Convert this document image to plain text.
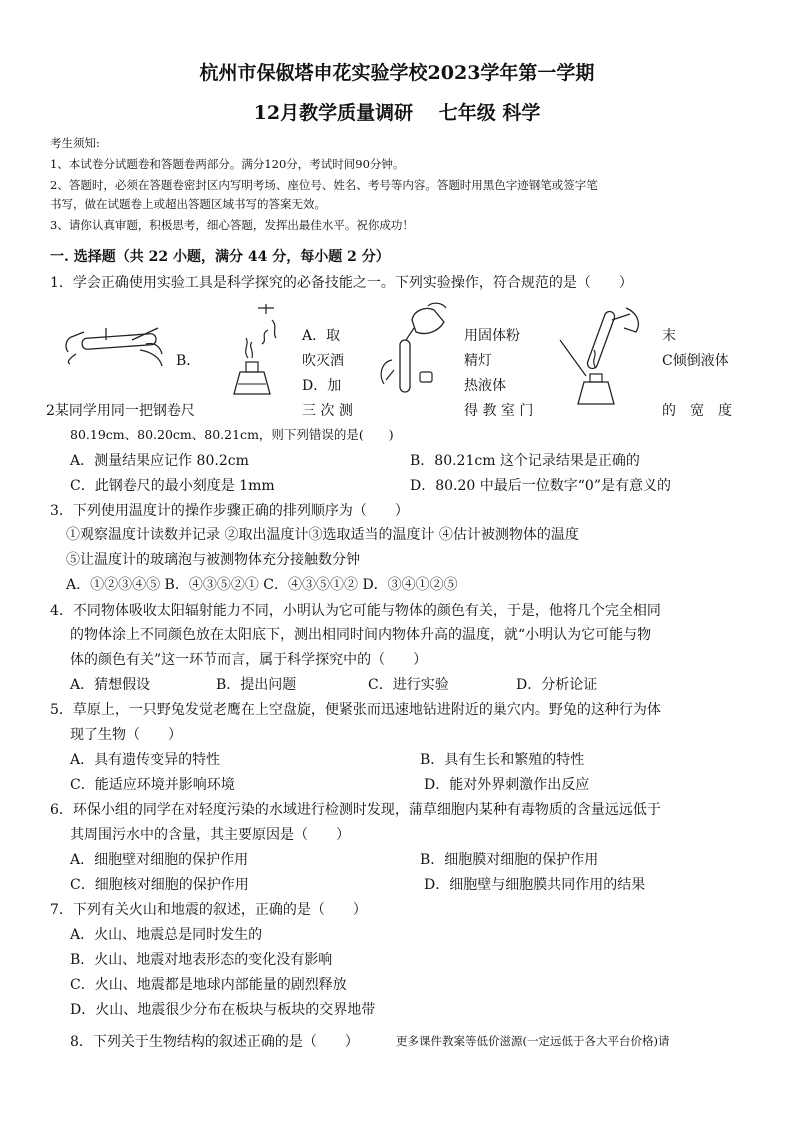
杭州市保俶塔申花实验学校2023学年第一学期
12月教学质量调研　 七年级 科学
考生须知:
1、本试卷分试题卷和答题卷两部分。满分120分，考试时间90分钟。
2、答题时，必须在答题卷密封区内写明考场、座位号、姓名、考号等内容。答题时用黑色字迹钢笔或签字笔
书写，做在试题卷上或超出答题区域书写的答案无效。
3、请你认真审题，积极思考，细心答题，发挥出最佳水平。祝你成功！
一. 选择题（共 22 小题，满分 44 分，每小题 2 分）
1．学会正确使用实验工具是科学探究的必备技能之一。下列实验操作，符合规范的是（　　）
B．
A．取
吹灭酒
D．加
用固体粉
精灯
热液体
末
C倾倒液体
2某同学用同一把钢卷尺	三 次 测	得 教 室 门	的　宽　度
80.19cm、80.20cm、80.21cm，则下列错误的是(　　)
A．测量结果应记作 80.2cm	B．80.21cm 这个记录结果是正确的
C．此钢卷尺的最小刻度是 1mm	D．80.20 中最后一位数字“0”是有意义的
3．下列使用温度计的操作步骤正确的排列顺序为（　　）
①观察温度计读数并记录 ②取出温度计③选取适当的温度计 ④估计被测物体的温度
⑤让温度计的玻璃泡与被测物体充分接触数分钟
A．①②③④⑤ B．④③⑤②① C．④③⑤①② D．③④①②⑤
4．不同物体吸收太阳辐射能力不同，小明认为它可能与物体的颜色有关，于是，他将几个完全相同
的物体涂上不同颜色放在太阳底下，测出相同时间内物体升高的温度，就“小明认为它可能与物
体的颜色有关”这一环节而言，属于科学探究中的（　　）
A．猜想假设	B．提出问题	C．进行实验	D．分析论证
5．草原上，一只野兔发觉老鹰在上空盘旋，便紧张而迅速地钻进附近的巢穴内。野兔的这种行为体
现了生物（　　）
A．具有遗传变异的特性	B．具有生长和繁殖的特性
C．能适应环境并影响环境	D．能对外界刺激作出反应
6．环保小组的同学在对轻度污染的水域进行检测时发现，蒲草细胞内某种有毒物质的含量远远低于
其周围污水中的含量，其主要原因是（　　）
A．细胞壁对细胞的保护作用	B．细胞膜对细胞的保护作用
C．细胞核对细胞的保护作用	D．细胞壁与细胞膜共同作用的结果
7．下列有关火山和地震的叙述，正确的是（　　）
A．火山、地震总是同时发生的
B．火山、地震对地表形态的变化没有影响
C．火山、地震都是地球内部能量的剧烈释放
D．火山、地震很少分布在板块与板块的交界地带
8．下列关于生物结构的叙述正确的是（　　）	更多课件教案等低价滋源(一定远低于各大平台价格)请
